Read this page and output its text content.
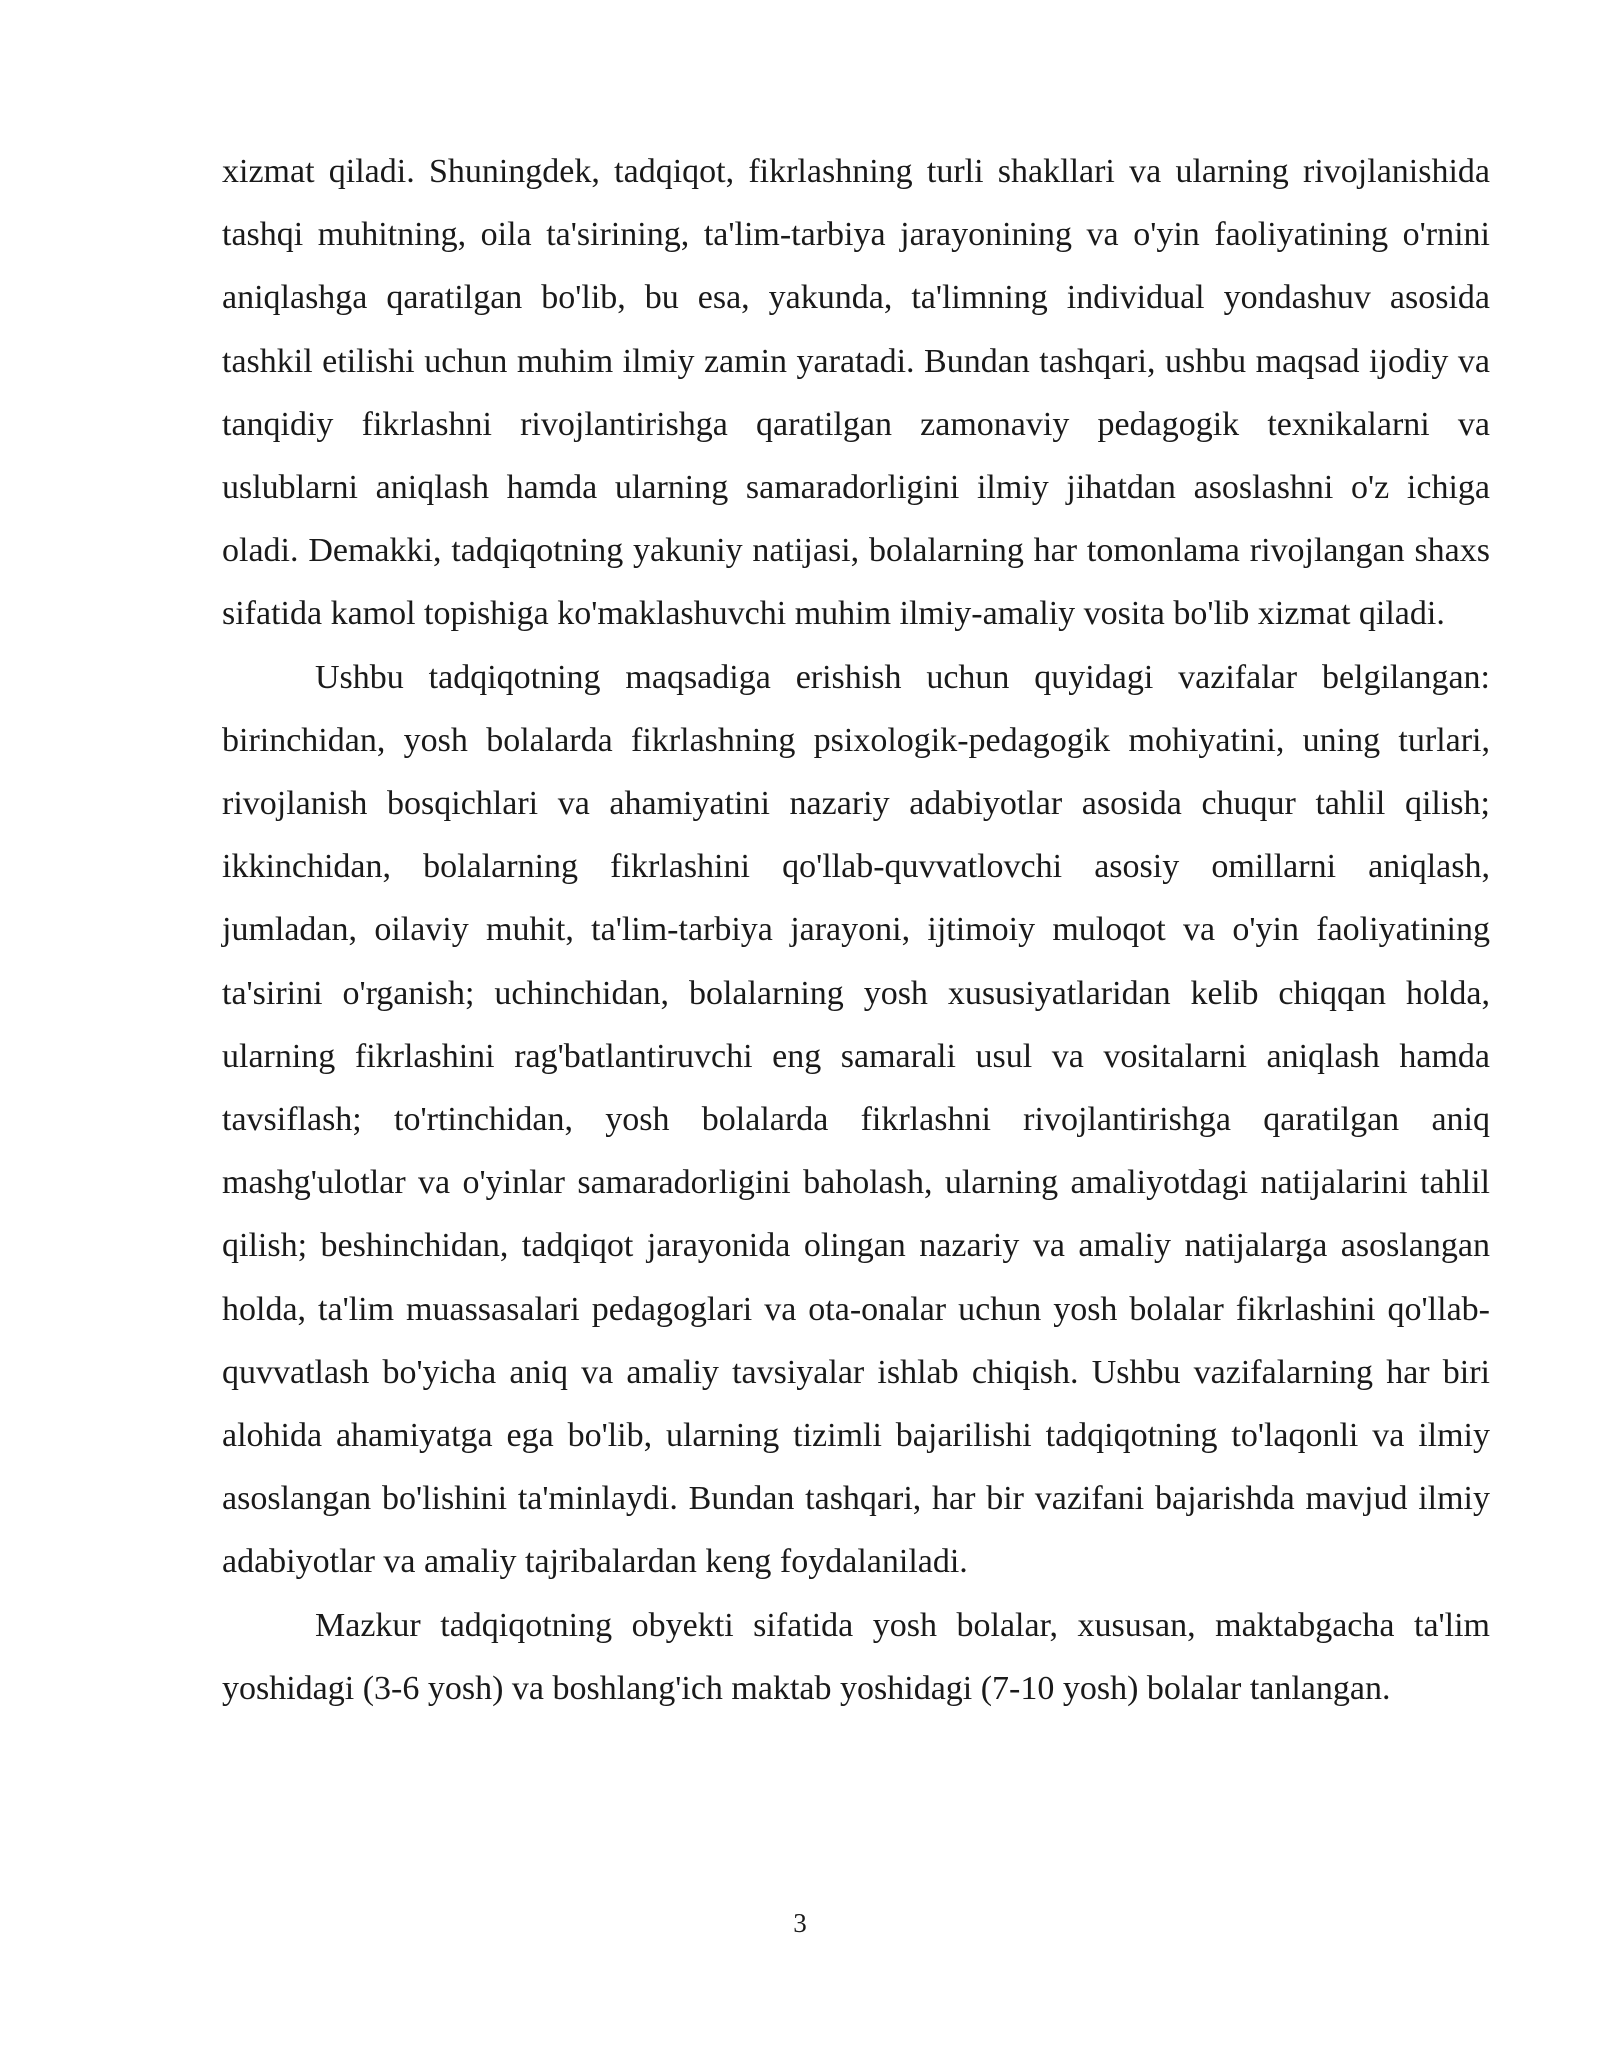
xizmat qiladi. Shuningdek, tadqiqot, fikrlashning turli shakllari va ularning rivojlanishida tashqi muhitning, oila ta'sirining, ta'lim-tarbiya jarayonining va o'yin faoliyatining o'rnini aniqlashga qaratilgan bo'lib, bu esa, yakunda, ta'limning individual yondashuv asosida tashkil etilishi uchun muhim ilmiy zamin yaratadi. Bundan tashqari, ushbu maqsad ijodiy va tanqidiy fikrlashni rivojlantirishga qaratilgan zamonaviy pedagogik texnikalarni va uslublarni aniqlash hamda ularning samaradorligini ilmiy jihatdan asoslashni o'z ichiga oladi. Demakki, tadqiqotning yakuniy natijasi, bolalarning har tomonlama rivojlangan shaxs sifatida kamol topishiga ko'maklashuvchi muhim ilmiy-amaliy vosita bo'lib xizmat qiladi.

Ushbu tadqiqotning maqsadiga erishish uchun quyidagi vazifalar belgilangan: birinchidan, yosh bolalarda fikrlashning psixologik-pedagogik mohiyatini, uning turlari, rivojlanish bosqichlari va ahamiyatini nazariy adabiyotlar asosida chuqur tahlil qilish; ikkinchidan, bolalarning fikrlashini qo'llab-quvvatlovchi asosiy omillarni aniqlash, jumladan, oilaviy muhit, ta'lim-tarbiya jarayoni, ijtimoiy muloqot va o'yin faoliyatining ta'sirini o'rganish; uchinchidan, bolalarning yosh xususiyatlaridan kelib chiqqan holda, ularning fikrlashini rag'batlantiruvchi eng samarali usul va vositalarni aniqlash hamda tavsiflash; to'rtinchidan, yosh bolalarda fikrlashni rivojlantirishga qaratilgan aniq mashg'ulotlar va o'yinlar samaradorligini baholash, ularning amaliyotdagi natijalarini tahlil qilish; beshinchidan, tadqiqot jarayonida olingan nazariy va amaliy natijalarga asoslangan holda, ta'lim muassasalari pedagoglari va ota-onalar uchun yosh bolalar fikrlashini qo'llab-quvvatlash bo'yicha aniq va amaliy tavsiyalar ishlab chiqish. Ushbu vazifalarning har biri alohida ahamiyatga ega bo'lib, ularning tizimli bajarilishi tadqiqotning to'laqonli va ilmiy asoslangan bo'lishini ta'minlaydi. Bundan tashqari, har bir vazifani bajarishda mavjud ilmiy adabiyotlar va amaliy tajribalardan keng foydalaniladi.

Mazkur tadqiqotning obyekti sifatida yosh bolalar, xususan, maktabgacha ta'lim yoshidagi (3-6 yosh) va boshlang'ich maktab yoshidagi (7-10 yosh) bolalar tanlangan.

3
